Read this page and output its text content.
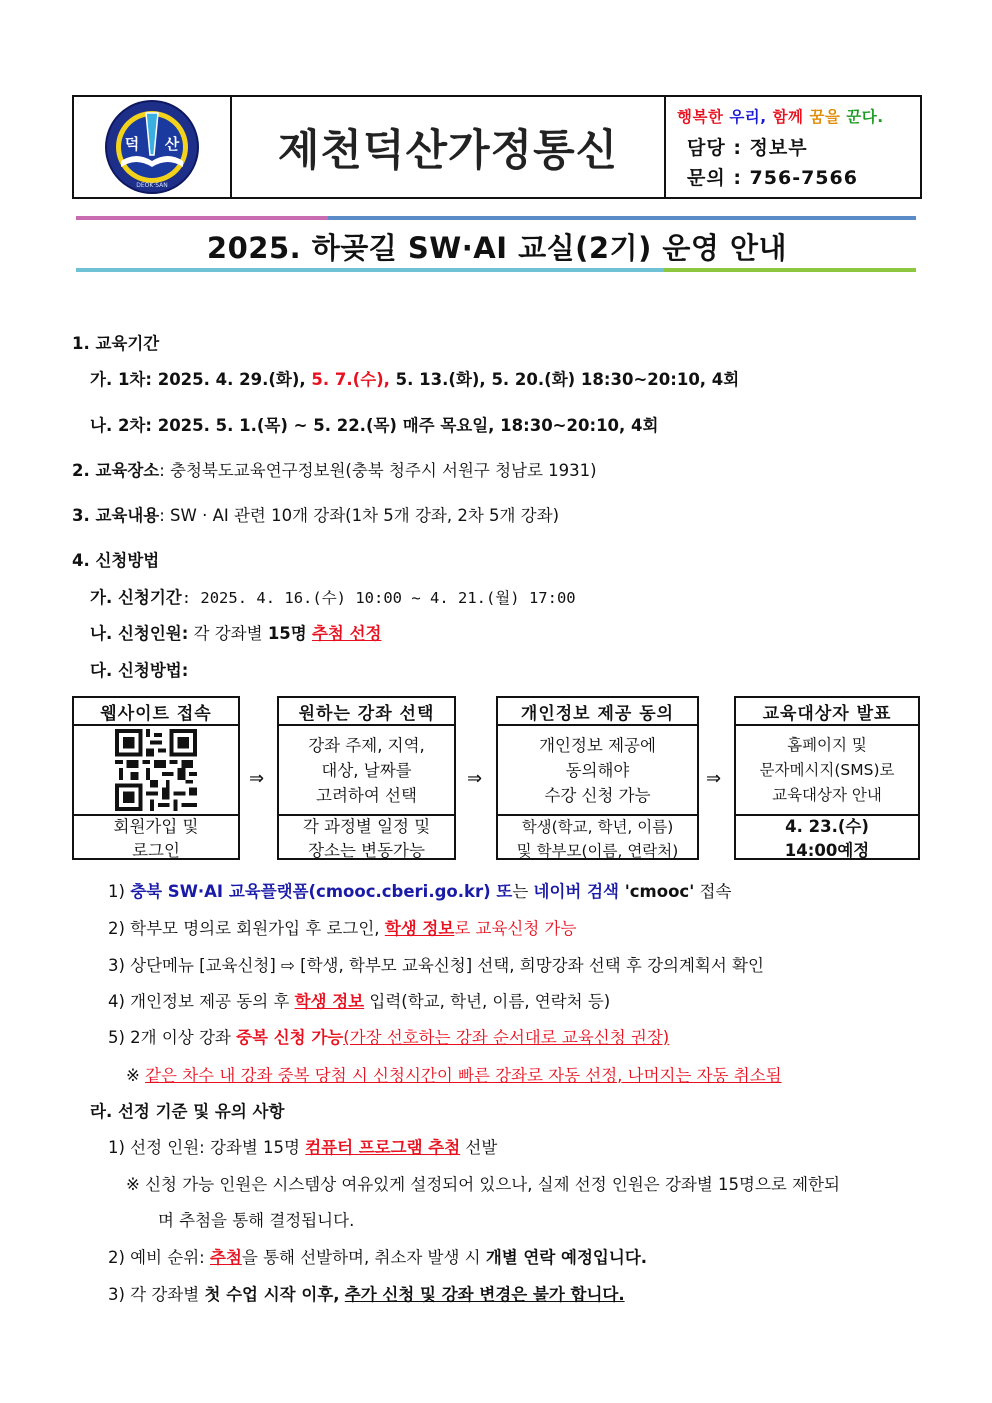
덕 산
DEOK·SAN
제천덕산가정통신
행복한 우리, 함께 꿈을 꾼다.
담당 : 정보부
문의 : 756-7566
2025. 하곶길 SW·AI 교실(2기) 운영 안내
1. 교육기간
가. 1차: 2025. 4. 29.(화), 5. 7.(수), 5. 13.(화), 5. 20.(화) 18:30~20:10, 4회
나. 2차: 2025. 5. 1.(목) ~ 5. 22.(목) 매주 목요일, 18:30~20:10, 4회
2. 교육장소: 충청북도교육연구정보원(충북 청주시 서원구 청남로 1931)
3. 교육내용: SW · AI 관련 10개 강좌(1차 5개 강좌, 2차 5개 강좌)
4. 신청방법
가. 신청기간: 2025. 4. 16.(수) 10:00 ~ 4. 21.(월) 17:00
나. 신청인원: 각 강좌별 15명 추첨 선정
다. 신청방법:
웹사이트 접속
회원가입 및
로그인
⇒
원하는 강좌 선택
강좌 주제, 지역,
대상, 날짜를
고려하여 선택
각 과정별 일정 및
장소는 변동가능
⇒
개인정보 제공 동의
개인정보 제공에
동의해야
수강 신청 가능
학생(학교, 학년, 이름)
및 학부모(이름, 연락처)
⇒
교육대상자 발표
홈페이지 및
문자메시지(SMS)로
교육대상자 안내
4. 23.(수)
14:00예정
1) 충북 SW·AI 교육플랫폼(cmooc.cberi.go.kr) 또는 네이버 검색 'cmooc' 접속
2) 학부모 명의로 회원가입 후 로그인, 학생 정보로 교육신청 가능
3) 상단메뉴 [교육신청] ⇨ [학생, 학부모 교육신청] 선택, 희망강좌 선택 후 강의계획서 확인
4) 개인정보 제공 동의 후 학생 정보 입력(학교, 학년, 이름, 연락처 등)
5) 2개 이상 강좌 중복 신청 가능(가장 선호하는 강좌 순서대로 교육신청 권장)
※ 같은 차수 내 강좌 중복 당첨 시 신청시간이 빠른 강좌로 자동 선정, 나머지는 자동 취소됨
라. 선정 기준 및 유의 사항
1) 선정 인원: 강좌별 15명 컴퓨터 프로그램 추첨 선발
※ 신청 가능 인원은 시스템상 여유있게 설정되어 있으나, 실제 선정 인원은 강좌별 15명으로 제한되
며 추첨을 통해 결정됩니다.
2) 예비 순위: 추첨을 통해 선발하며, 취소자 발생 시 개별 연락 예정입니다.
3) 각 강좌별 첫 수업 시작 이후, 추가 신청 및 강좌 변경은 불가 합니다.
